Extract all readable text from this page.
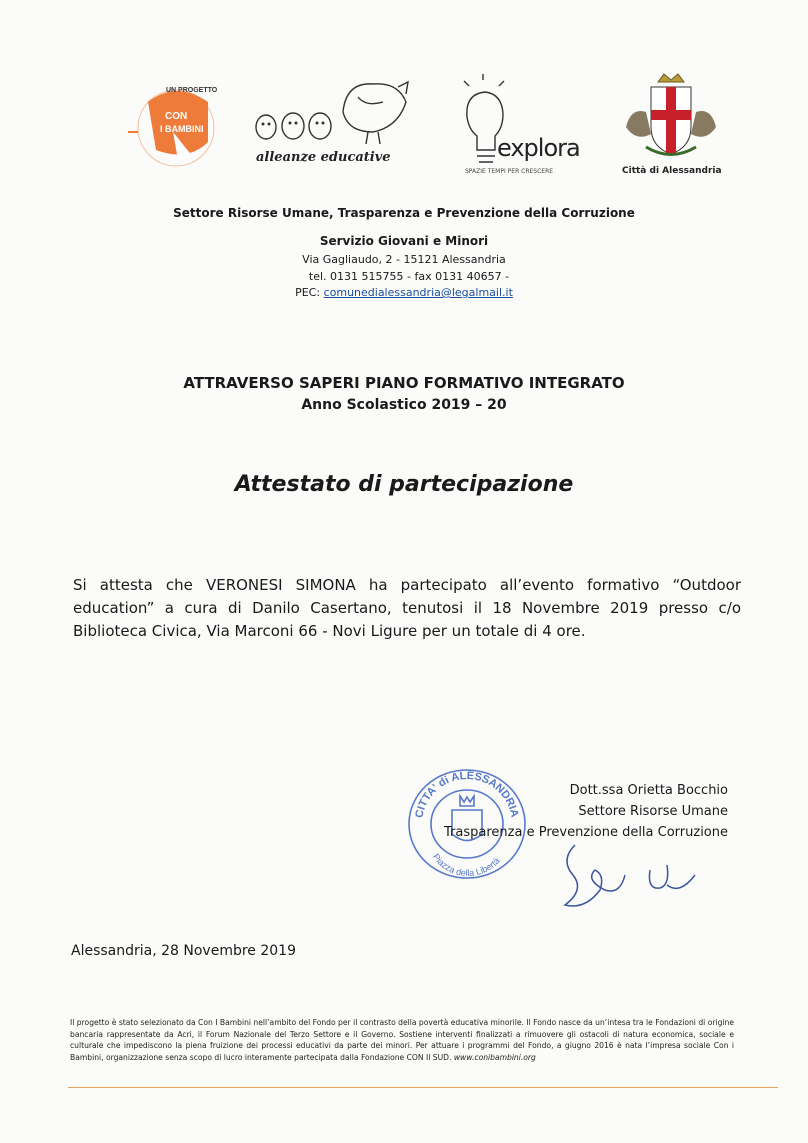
CON
I BAMBINI
UN PROGETTO
alleanze educative	explora
SPAZIE TEMPI PER CRESCERE	Città di Alessandria
Settore Risorse Umane, Trasparenza e Prevenzione della Corruzione
Servizio Giovani e Minori
Via Gagliaudo, 2 - 15121 Alessandria
tel. 0131 515755 - fax 0131 40657 -
PEC: comunedialessandria@legalmail.it
ATTRAVERSO SAPERI PIANO FORMATIVO INTEGRATO
Anno Scolastico 2019 – 20
Attestato di partecipazione
Si attesta che VERONESI SIMONA ha partecipato all’evento formativo “Outdoor education” a cura di Danilo Casertano, tenutosi il 18 Novembre 2019 presso c/o Biblioteca Civica, Via Marconi 66 - Novi Ligure per un totale di 4 ore.
CITTA' di ALESSANDRIA
Piazza della Libertà
Dott.ssa Orietta Bocchio
Settore Risorse Umane
Trasparenza e Prevenzione della Corruzione
Alessandria, 28 Novembre 2019
Il progetto è stato selezionato da Con I Bambini nell’ambito del Fondo per il contrasto della povertà educativa minorile. Il Fondo nasce da un’intesa tra le Fondazioni di origine bancaria rappresentate da Acri, il Forum Nazionale del Terzo Settore e il Governo. Sostiene interventi finalizzati a rimuovere gli ostacoli di natura economica, sociale e culturale che impediscono la piena fruizione dei processi educativi da parte dei minori. Per attuare i programmi del Fondo, a giugno 2016 è nata l’impresa sociale Con i Bambini, organizzazione senza scopo di lucro interamente partecipata dalla Fondazione CON Il SUD. www.conibambini.org
